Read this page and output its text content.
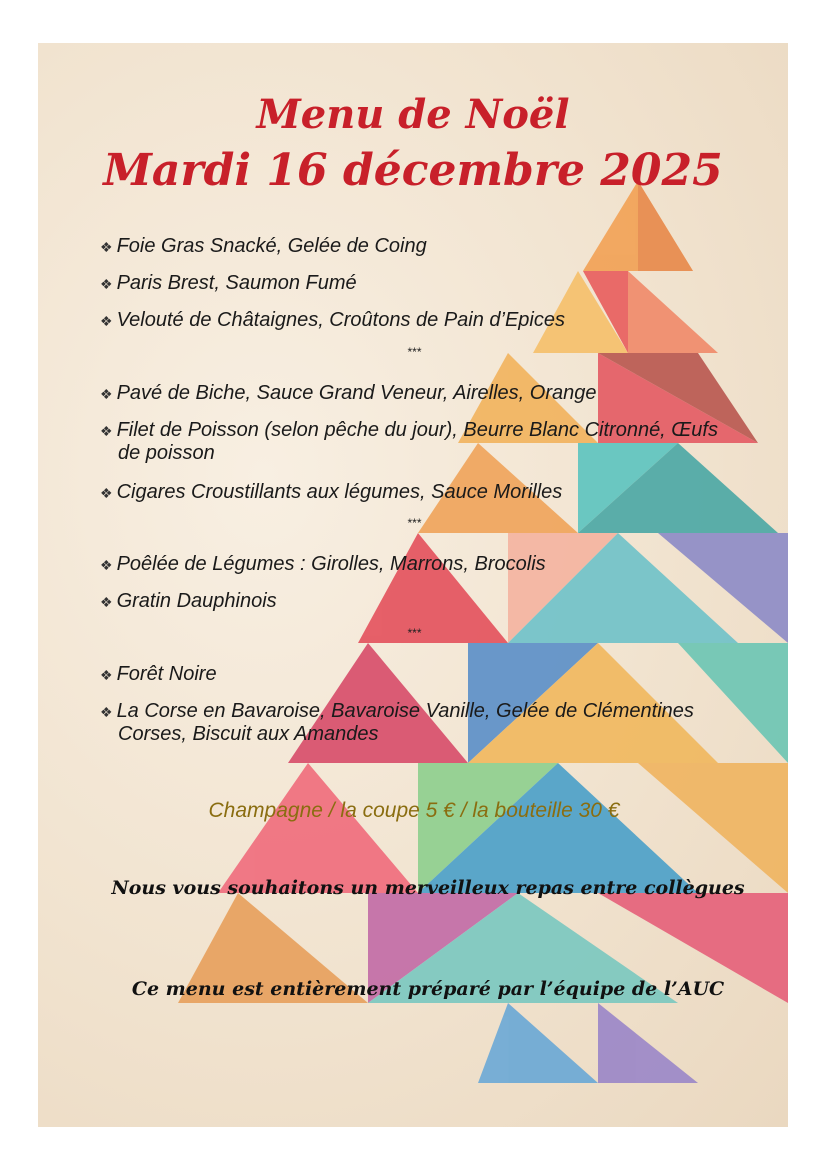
Menu de Noël
Mardi 16 décembre 2025
❖ Foie Gras Snacké, Gelée de Coing
❖ Paris Brest, Saumon Fumé
❖ Velouté de Châtaignes, Croûtons de Pain d’Epices
***
❖ Pavé de Biche, Sauce Grand Veneur, Airelles, Orange
❖ Filet de Poisson (selon pêche du jour), Beurre Blanc Citronné, Œufs de poisson
❖ Cigares Croustillants aux légumes, Sauce Morilles
***
❖ Poêlée de Légumes : Girolles, Marrons, Brocolis
❖ Gratin Dauphinois
***
❖ Forêt Noire
❖ La Corse en Bavaroise, Bavaroise Vanille, Gelée de Clémentines Corses, Biscuit aux Amandes
Champagne / la coupe 5 € / la bouteille 30 €
Nous vous souhaitons un merveilleux repas entre collègues
Ce menu est entièrement préparé par l’équipe de l’AUC
